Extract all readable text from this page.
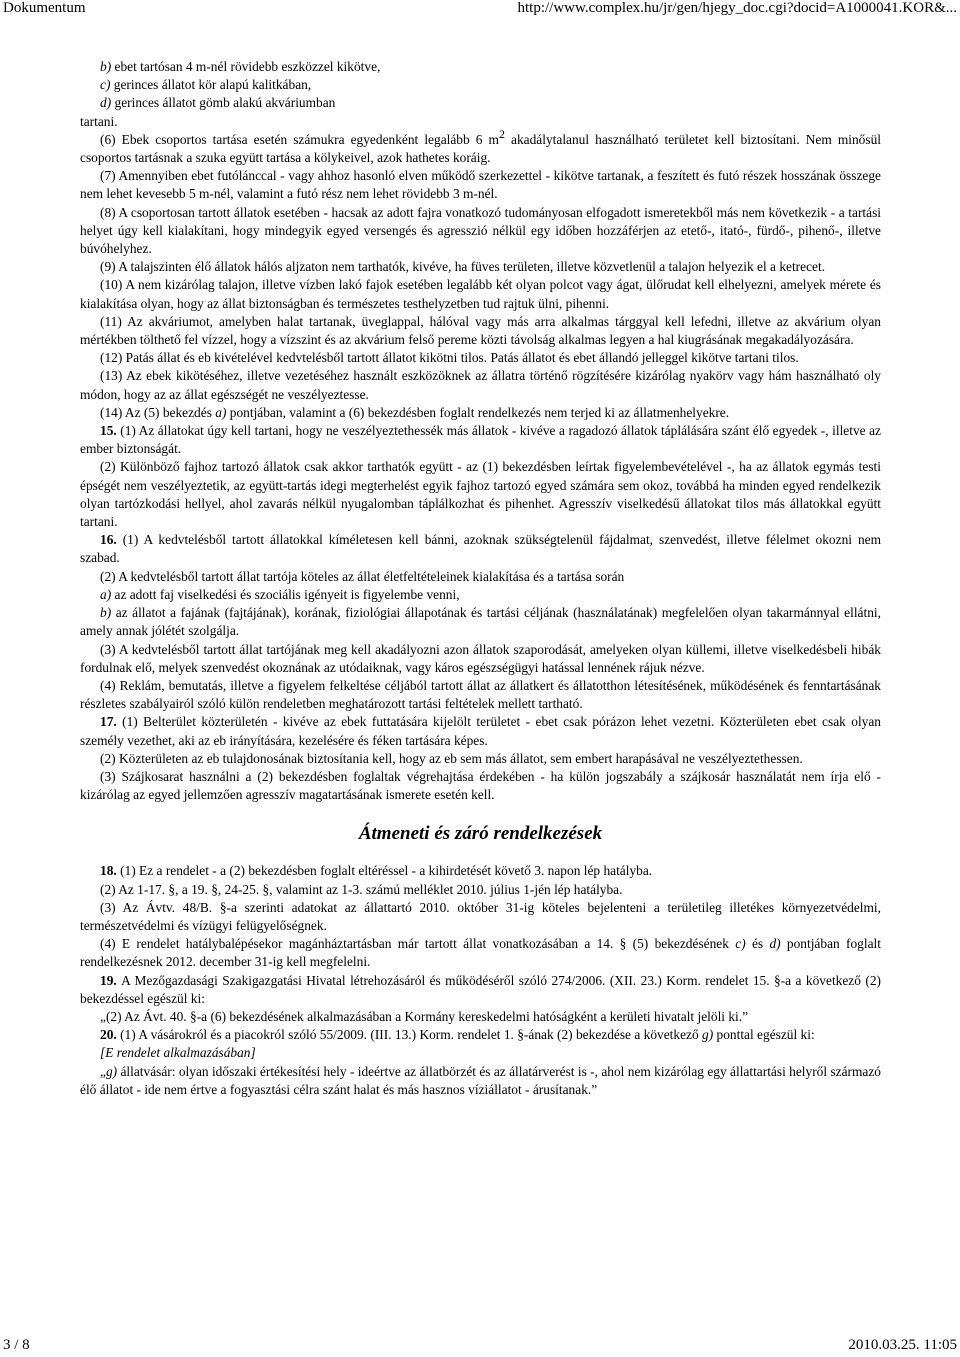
Dokumentum	http://www.complex.hu/jr/gen/hjegy_doc.cgi?docid=A1000041.KOR&...

b) ebet tartósan 4 m-nél rövidebb eszközzel kikötve,

c) gerinces állatot kör alapú kalitkában,

d) gerinces állatot gömb alakú akváriumban

tartani.

(6) Ebek csoportos tartása esetén számukra egyedenként legalább 6 $m^2$ akadálytalanul használható területet kell biztosítani. Nem minősül csoportos tartásnak a szuka együtt tartása a kölykeivel, azok hathetes koráig.

(7) Amennyiben ebet futólánccal - vagy ahhoz hasonló elven működő szerkezettel - kikötve tartanak, a feszített és futó részek hosszának összege nem lehet kevesebb 5 m-nél, valamint a futó rész nem lehet rövidebb 3 m-nél.

(8) A csoportosan tartott állatok esetében - hacsak az adott fajra vonatkozó tudományosan elfogadott ismeretekből más nem következik - a tartási helyet úgy kell kialakítani, hogy mindegyik egyed versengés és agresszió nélkül egy időben hozzáférjen az etető-, itató-, fürdő-, pihenő-, illetve búvóhelyhez.

(9) A talajszinten élő állatok hálós aljzaton nem tarthatók, kivéve, ha füves területen, illetve közvetlenül a talajon helyezik el a ketrecet.

(10) A nem kizárólag talajon, illetve vízben lakó fajok esetében legalább két olyan polcot vagy ágat, ülőrudat kell elhelyezni, amelyek mérete és kialakítása olyan, hogy az állat biztonságban és természetes testhelyzetben tud rajtuk ülni, pihenni.

(11) Az akváriumot, amelyben halat tartanak, üveglappal, hálóval vagy más arra alkalmas tárggyal kell lefedni, illetve az akvárium olyan mértékben tölthető fel vízzel, hogy a vízszint és az akvárium felső pereme közti távolság alkalmas legyen a hal kiugrásának megakadályozására.

(12) Patás állat és eb kivételével kedvtelésből tartott állatot kikötni tilos. Patás állatot és ebet állandó jelleggel kikötve tartani tilos.

(13) Az ebek kikötéséhez, illetve vezetéséhez használt eszközöknek az állatra történő rögzítésére kizárólag nyakörv vagy hám használható oly módon, hogy az az állat egészségét ne veszélyeztesse.

(14) Az (5) bekezdés a) pontjában, valamint a (6) bekezdésben foglalt rendelkezés nem terjed ki az állatmenhelyekre.

15. (1) Az állatokat úgy kell tartani, hogy ne veszélyeztethessék más állatok - kivéve a ragadozó állatok táplálására szánt élő egyedek -, illetve az ember biztonságát.

(2) Különböző fajhoz tartozó állatok csak akkor tarthatók együtt - az (1) bekezdésben leírtak figyelembevételével -, ha az állatok egymás testi épségét nem veszélyeztetik, az együtt-tartás idegi megterhelést egyik fajhoz tartozó egyed számára sem okoz, továbbá ha minden egyed rendelkezik olyan tartózkodási hellyel, ahol zavarás nélkül nyugalomban táplálkozhat és pihenhet. Agresszív viselkedésű állatokat tilos más állatokkal együtt tartani.

16. (1) A kedvtelésből tartott állatokkal kíméletesen kell bánni, azoknak szükségtelenül fájdalmat, szenvedést, illetve félelmet okozni nem szabad.

(2) A kedvtelésből tartott állat tartója köteles az állat életfeltételeinek kialakítása és a tartása során

a) az adott faj viselkedési és szociális igényeit is figyelembe venni,

b) az állatot a fajának (fajtájának), korának, fiziológiai állapotának és tartási céljának (használatának) megfelelően olyan takarmánnyal ellátni, amely annak jólétét szolgálja.

(3) A kedvtelésből tartott állat tartójának meg kell akadályozni azon állatok szaporodását, amelyeken olyan küllemi, illetve viselkedésbeli hibák fordulnak elő, melyek szenvedést okoznának az utódaiknak, vagy káros egészségügyi hatással lennének rájuk nézve.

(4) Reklám, bemutatás, illetve a figyelem felkeltése céljából tartott állat az állatkert és állatotthon létesítésének, működésének és fenntartásának részletes szabályairól szóló külön rendeletben meghatározott tartási feltételek mellett tartható.

17. (1) Belterület közterületén - kivéve az ebek futtatására kijelölt területet - ebet csak pórázon lehet vezetni. Közterületen ebet csak olyan személy vezethet, aki az eb irányítására, kezelésére és féken tartására képes.

(2) Közterületen az eb tulajdonosának biztosítania kell, hogy az eb sem más állatot, sem embert harapásával ne veszélyeztethessen.

(3) Szájkosarat használni a (2) bekezdésben foglaltak végrehajtása érdekében - ha külön jogszabály a szájkosár használatát nem írja elő - kizárólag az egyed jellemzően agresszív magatartásának ismerete esetén kell.

Átmeneti és záró rendelkezések

18. (1) Ez a rendelet - a (2) bekezdésben foglalt eltéréssel - a kihirdetését követő 3. napon lép hatályba.

(2) Az 1-17. §, a 19. §, 24-25. §, valamint az 1-3. számú melléklet 2010. július 1-jén lép hatályba.

(3) Az Ávtv. 48/B. §-a szerinti adatokat az állattartó 2010. október 31-ig köteles bejelenteni a területileg illetékes környezetvédelmi, természetvédelmi és vízügyi felügyelőségnek.

(4) E rendelet hatálybalépésekor magánháztartásban már tartott állat vonatkozásában a 14. § (5) bekezdésének c) és d) pontjában foglalt rendelkezésnek 2012. december 31-ig kell megfelelni.

19. A Mezőgazdasági Szakigazgatási Hivatal létrehozásáról és működéséről szóló 274/2006. (XII. 23.) Korm. rendelet 15. §-a a következő (2) bekezdéssel egészül ki:

„(2) Az Ávt. 40. §-a (6) bekezdésének alkalmazásában a Kormány kereskedelmi hatóságként a kerületi hivatalt jelöli ki.”

20. (1) A vásárokról és a piacokról szóló 55/2009. (III. 13.) Korm. rendelet 1. §-ának (2) bekezdése a következő g) ponttal egészül ki:

[E rendelet alkalmazásában]

„g) állatvásár: olyan időszaki értékesítési hely - ideértve az állatbörzét és az állatárverést is -, ahol nem kizárólag egy állattartási helyről származó élő állatot - ide nem értve a fogyasztási célra szánt halat és más hasznos víziállatot - árusítanak.”

3 / 8	2010.03.25. 11:05
